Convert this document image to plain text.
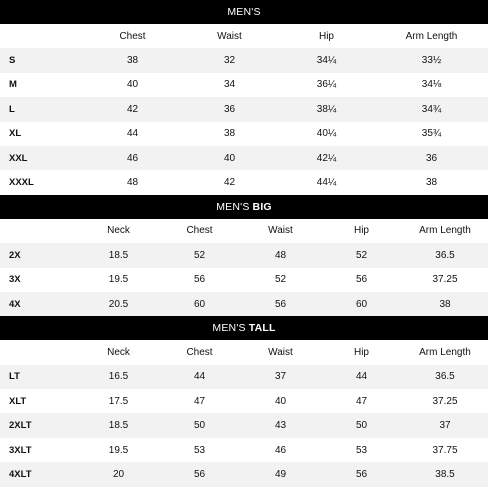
MEN'S
	Chest	Waist	Hip	Arm Length
S	38	32	34¼	33½
M	40	34	36¼	34⅛
L	42	36	38¼	34¾
XL	44	38	40¼	35¾
XXL	46	40	42¼	36
XXXL	48	42	44¼	38
MEN'S BIG
	Neck	Chest	Waist	Hip	Arm Length
2X	18.5	52	48	52	36.5
3X	19.5	56	52	56	37.25
4X	20.5	60	56	60	38
MEN'S TALL
	Neck	Chest	Waist	Hip	Arm Length
LT	16.5	44	37	44	36.5
XLT	17.5	47	40	47	37.25
2XLT	18.5	50	43	50	37
3XLT	19.5	53	46	53	37.75
4XLT	20	56	49	56	38.5
